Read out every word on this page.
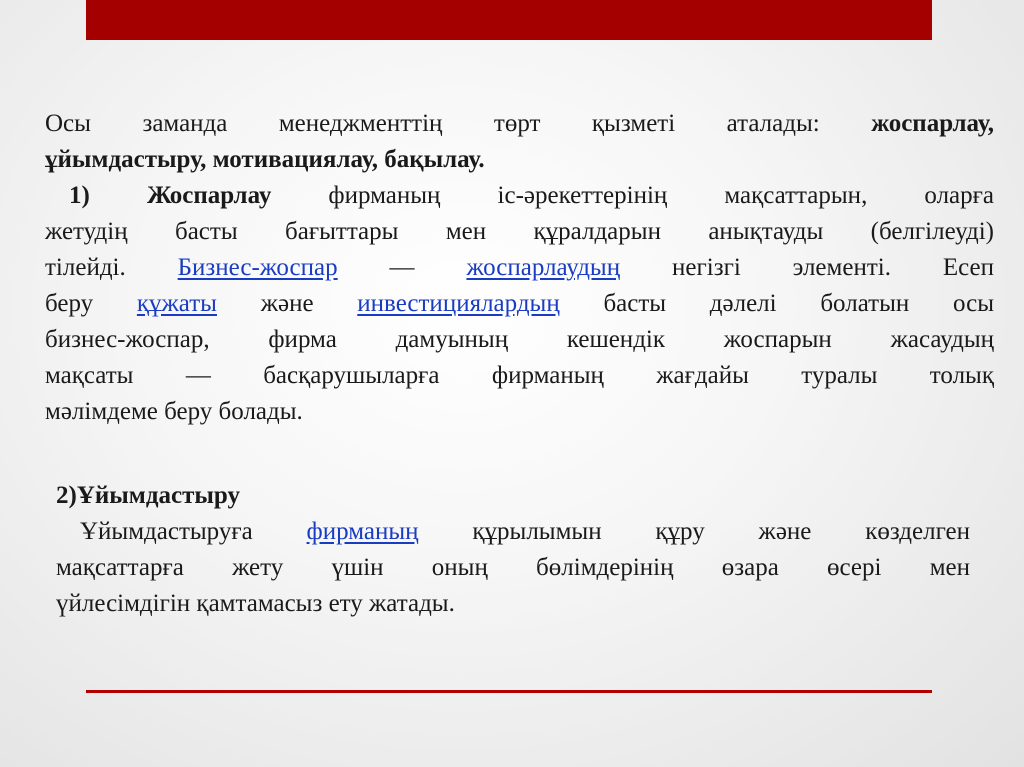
Осы заманда менеджменттің төрт қызметі аталады: жоспарлау,

ұйымдастыру, мотивациялау, бақылау.

1) Жоспарлау фирманың іс-әрекеттерінің мақсаттарын, оларға

жетудің басты бағыттары мен құралдарын анықтауды (белгілеуді)

тілейді. Бизнес-жоспар — жоспарлаудың негізгі элементі. Есеп

беру құжаты және инвестициялардың басты дәлелі болатын осы

бизнес-жоспар, фирма дамуының кешендік жоспарын жасаудың

мақсаты — басқарушыларға фирманың жағдайы туралы толық

мәлімдеме беру болады.

2)Ұйымдастыру

Ұйымдастыруға фирманың құрылымын құру және көзделген

мақсаттарға жету үшін оның бөлімдерінің өзара өсері мен

үйлесімдігін қамтамасыз ету жатады.
